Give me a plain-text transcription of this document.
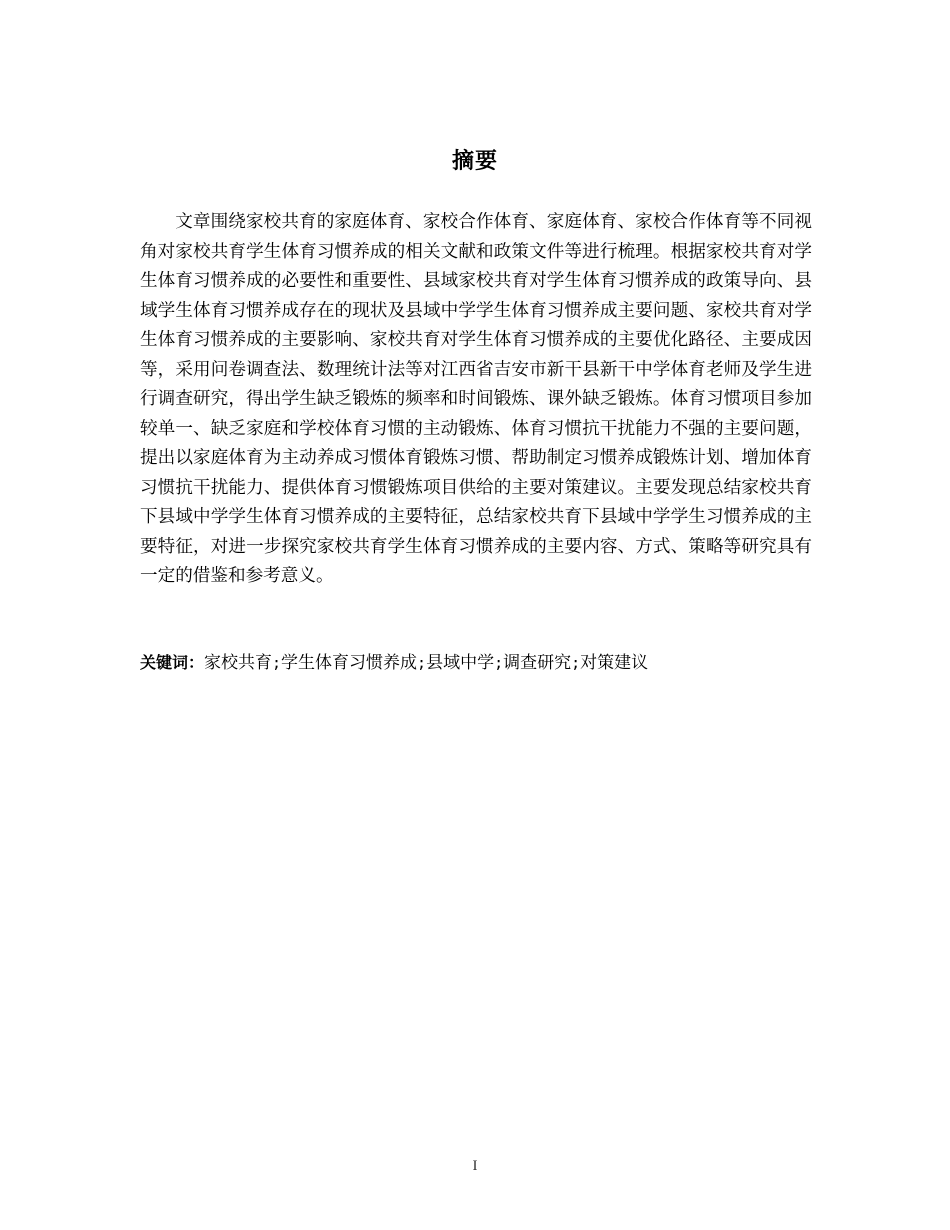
摘要

文章围绕家校共育的家庭体育、家校合作体育、家庭体育、家校合作体育等不同视角对家校共育学生体育习惯养成的相关文献和政策文件等进行梳理。根据家校共育对学生体育习惯养成的必要性和重要性、县域家校共育对学生体育习惯养成的政策导向、县域学生体育习惯养成存在的现状及县域中学学生体育习惯养成主要问题、家校共育对学生体育习惯养成的主要影响、家校共育对学生体育习惯养成的主要优化路径、主要成因等，采用问卷调查法、数理统计法等对江西省吉安市新干县新干中学体育老师及学生进行调查研究，得出学生缺乏锻炼的频率和时间锻炼、课外缺乏锻炼。体育习惯项目参加较单一、缺乏家庭和学校体育习惯的主动锻炼、体育习惯抗干扰能力不强的主要问题，提出以家庭体育为主动养成习惯体育锻炼习惯、帮助制定习惯养成锻炼计划、增加体育习惯抗干扰能力、提供体育习惯锻炼项目供给的主要对策建议。主要发现总结家校共育下县域中学学生体育习惯养成的主要特征，总结家校共育下县域中学学生习惯养成的主要特征，对进一步探究家校共育学生体育习惯养成的主要内容、方式、策略等研究具有一定的借鉴和参考意义。

关键词：家校共育;学生体育习惯养成;县域中学;调查研究;对策建议
I
